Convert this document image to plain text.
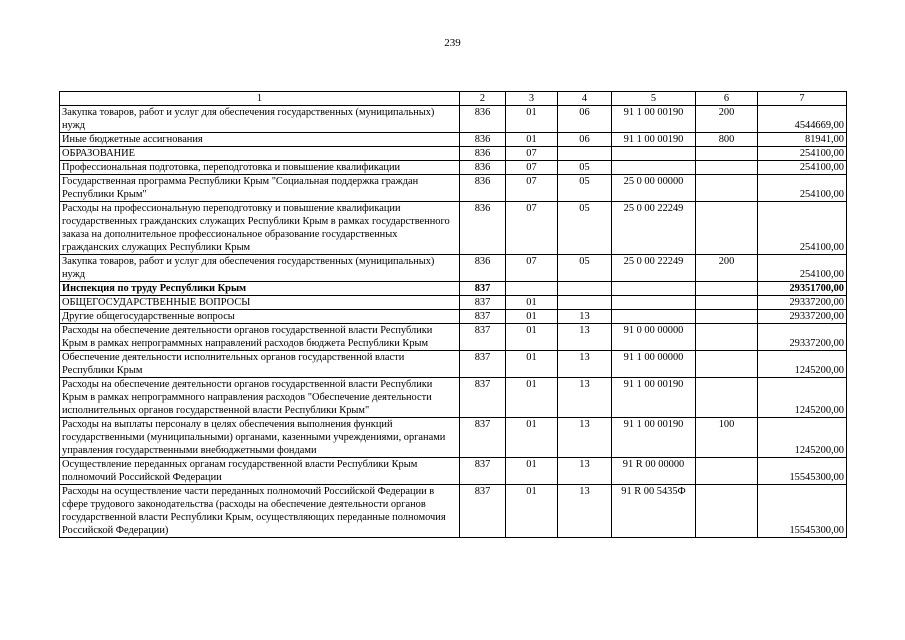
239
1	2	3	4	5	6	7
Закупка товаров, работ и услуг для обеспечения государственных (муниципальных) нужд	836	01	06	91 1 00 00190	200	4544669,00
Иные бюджетные ассигнования	836	01	06	91 1 00 00190	800	81941,00
ОБРАЗОВАНИЕ	836	07				254100,00
Профессиональная подготовка, переподготовка и повышение квалификации	836	07	05			254100,00
Государственная программа Республики Крым "Социальная поддержка граждан Республики Крым"	836	07	05	25 0 00 00000		254100,00
Расходы на профессиональную переподготовку и повышение квалификации государственных гражданских служащих Республики Крым в рамках государственного заказа на дополнительное профессиональное образование государственных гражданских служащих Республики Крым	836	07	05	25 0 00 22249		254100,00
Закупка товаров, работ и услуг для обеспечения государственных (муниципальных) нужд	836	07	05	25 0 00 22249	200	254100,00
Инспекция по труду Республики Крым	837					29351700,00
ОБЩЕГОСУДАРСТВЕННЫЕ ВОПРОСЫ	837	01				29337200,00
Другие общегосударственные вопросы	837	01	13			29337200,00
Расходы на обеспечение деятельности органов государственной власти Республики Крым в рамках непрограммных направлений расходов бюджета Республики Крым	837	01	13	91 0 00 00000		29337200,00
Обеспечение деятельности исполнительных органов государственной власти Республики Крым	837	01	13	91 1 00 00000		1245200,00
Расходы на обеспечение деятельности органов государственной власти Республики Крым в рамках непрограммного направления расходов "Обеспечение деятельности исполнительных органов государственной власти Республики Крым"	837	01	13	91 1 00 00190		1245200,00
Расходы на выплаты персоналу в целях обеспечения выполнения функций государственными (муниципальными) органами, казенными учреждениями, органами управления государственными внебюджетными фондами	837	01	13	91 1 00 00190	100	1245200,00
Осуществление переданных органам государственной власти Республики Крым полномочий Российской Федерации	837	01	13	91 R 00 00000		15545300,00
Расходы на осуществление части переданных полномочий Российской Федерации в сфере трудового законодательства (расходы на обеспечение деятельности органов государственной власти Республики Крым, осуществляющих переданные полномочия Российской Федерации)	837	01	13	91 R 00 5435Ф		15545300,00
